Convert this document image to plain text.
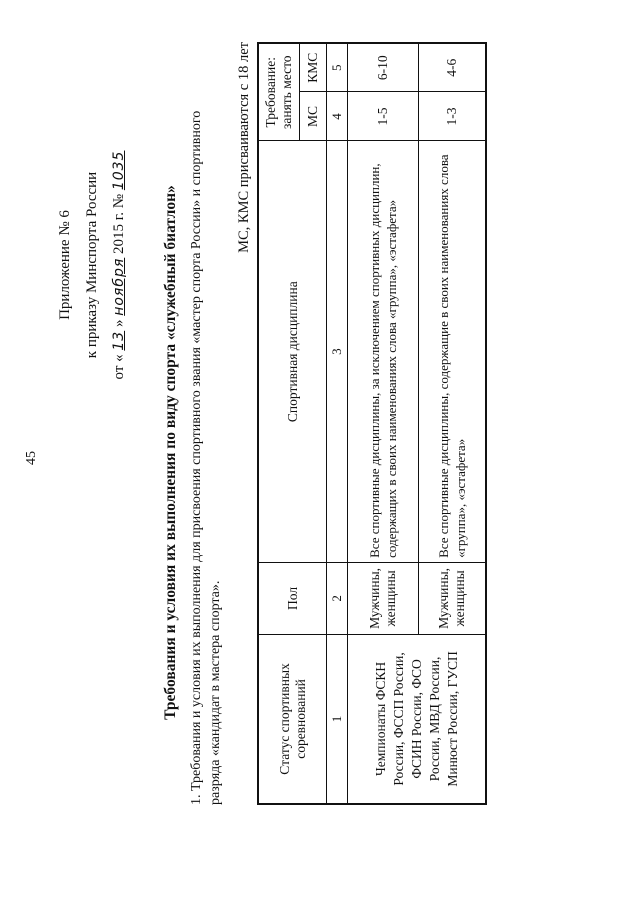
45
Приложение № 6 к приказу Минспорта России
от « 13 » ноября 2015 г. № 1035
Требования и условия их выполнения по виду спорта «служебный биатлон» 1. Требования и условия их выполнения для присвоения спортивного звания «мастер спорта России» и спортивного разряда «кандидат в мастера спорта».
МС, КМС присваиваются с 18 лет
Статус спортивных соревнований	Пол	Спортивная дисциплина	Требование: занять место	
			МС	КМС
1	2	3	4	5
Чемпионаты ФСКН России, ФССП России, ФСИН России, ФСО России, МВД России, Минюст России, ГУСП	Мужчины, женщины	Все спортивные дисциплины, за исключением спортивных дисциплин, содержащих в своих наименованиях слова «группа», «эстафета»	1-5	6-10
	Мужчины, женщины	Все спортивные дисциплины, содержащие в своих наименованиях слова «группа», «эстафета»	1-3	4-6
